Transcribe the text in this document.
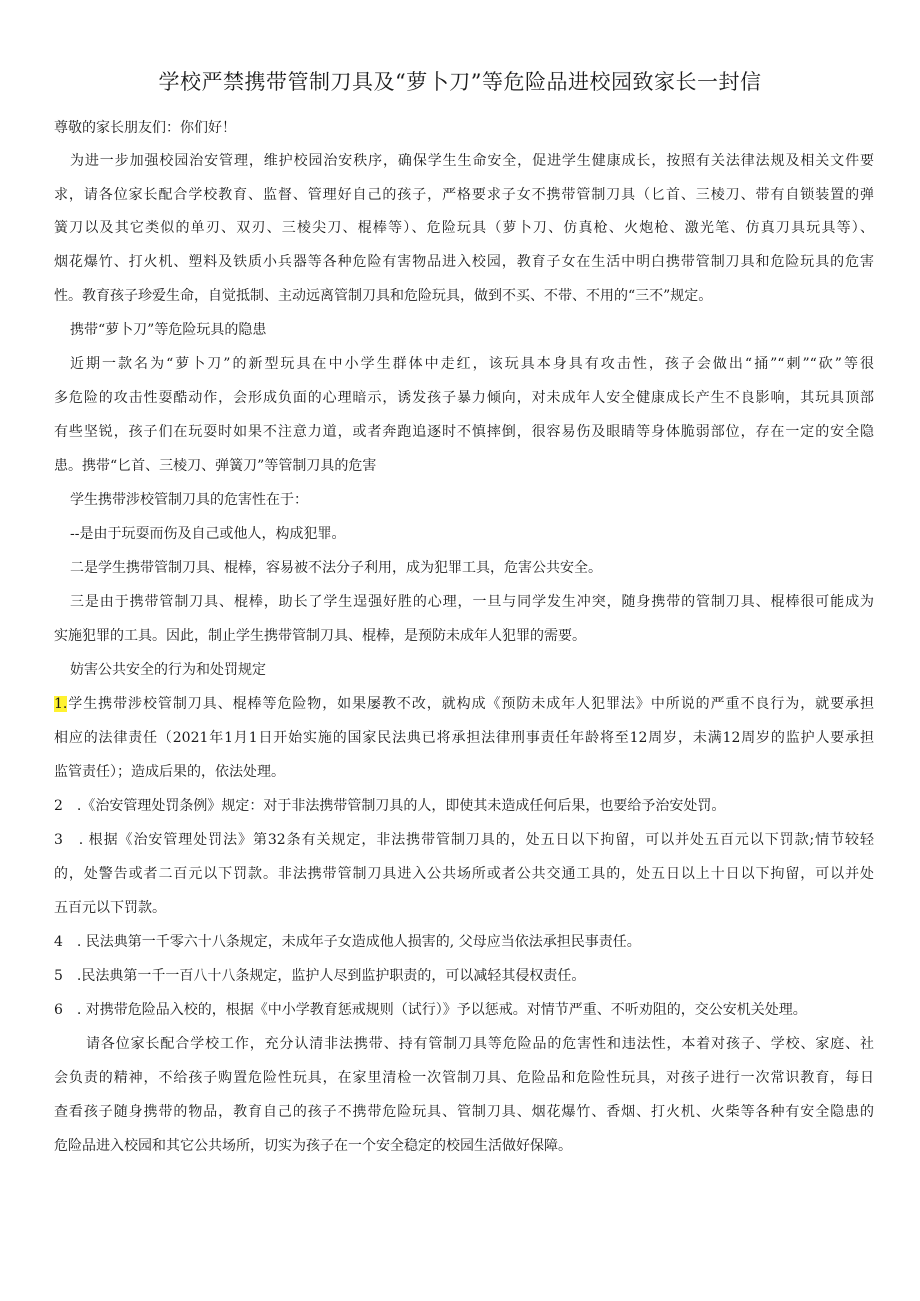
学校严禁携带管制刀具及“萝卜刀”等危险品进校园致家长一封信
尊敬的家长朋友们：你们好！
为进一步加强校园治安管理，维护校园治安秩序，确保学生生命安全，促进学生健康成长，按照有关法律法规及相关文件要
求，请各位家长配合学校教育、监督、管理好自己的孩子，严格要求子女不携带管制刀具（匕首、三棱刀、带有自锁装置的弹
簧刀以及其它类似的单刃、双刃、三棱尖刀、棍棒等）、危险玩具（萝卜刀、仿真枪、火炮枪、激光笔、仿真刀具玩具等）、
烟花爆竹、打火机、塑料及铁质小兵器等各种危险有害物品进入校园，教育子女在生活中明白携带管制刀具和危险玩具的危害
性。教育孩子珍爱生命，自觉抵制、主动远离管制刀具和危险玩具，做到不买、不带、不用的“三不”规定。
携带“萝卜刀”等危险玩具的隐患
近期一款名为“萝卜刀”的新型玩具在中小学生群体中走红，该玩具本身具有攻击性，孩子会做出“捅”“刺”“砍”等很
多危险的攻击性耍酷动作，会形成负面的心理暗示，诱发孩子暴力倾向，对未成年人安全健康成长产生不良影响，其玩具顶部
有些坚锐，孩子们在玩耍时如果不注意力道，或者奔跑追逐时不慎摔倒，很容易伤及眼睛等身体脆弱部位，存在一定的安全隐
患。携带“匕首、三棱刀、弹簧刀”等管制刀具的危害
学生携带涉校管制刀具的危害性在于：
--是由于玩耍而伤及自己或他人，构成犯罪。
二是学生携带管制刀具、棍棒，容易被不法分子利用，成为犯罪工具，危害公共安全。
三是由于携带管制刀具、棍棒，助长了学生逞强好胜的心理，一旦与同学发生冲突，随身携带的管制刀具、棍棒很可能成为
实施犯罪的工具。因此，制止学生携带管制刀具、棍棒，是预防未成年人犯罪的需要。
妨害公共安全的行为和处罚规定
1.学生携带涉校管制刀具、棍棒等危险物，如果屡教不改，就构成《预防未成年人犯罪法》中所说的严重不良行为，就要承担
相应的法律责任（2021年1月1日开始实施的国家民法典已将承担法律刑事责任年龄将至12周岁，未满12周岁的监护人要承担
监管责任）；造成后果的，依法处理。
2　.《治安管理处罚条例》规定：对于非法携带管制刀具的人，即使其未造成任何后果，也要给予治安处罚。
3　. 根据《治安管理处罚法》第32条有关规定，非法携带管制刀具的，处五日以下拘留，可以并处五百元以下罚款;情节较轻
的，处警告或者二百元以下罚款。非法携带管制刀具进入公共场所或者公共交通工具的，处五日以上十日以下拘留，可以并处
五百元以下罚款。
4　. 民法典第一千零六十八条规定，未成年子女造成他人损害的, 父母应当依法承担民事责任。
5　.民法典第一千一百八十八条规定，监护人尽到监护职责的，可以减轻其侵权责任。
6　. 对携带危险品入校的，根据《中小学教育惩戒规则（试行）》予以惩戒。对情节严重、不听劝阻的，交公安机关处理。
请各位家长配合学校工作，充分认清非法携带、持有管制刀具等危险品的危害性和违法性，本着对孩子、学校、家庭、社
会负责的精神，不给孩子购置危险性玩具，在家里清检一次管制刀具、危险品和危险性玩具，对孩子进行一次常识教育，每日
查看孩子随身携带的物品，教育自己的孩子不携带危险玩具、管制刀具、烟花爆竹、香烟、打火机、火柴等各种有安全隐患的
危险品进入校园和其它公共场所，切实为孩子在一个安全稳定的校园生活做好保障。
